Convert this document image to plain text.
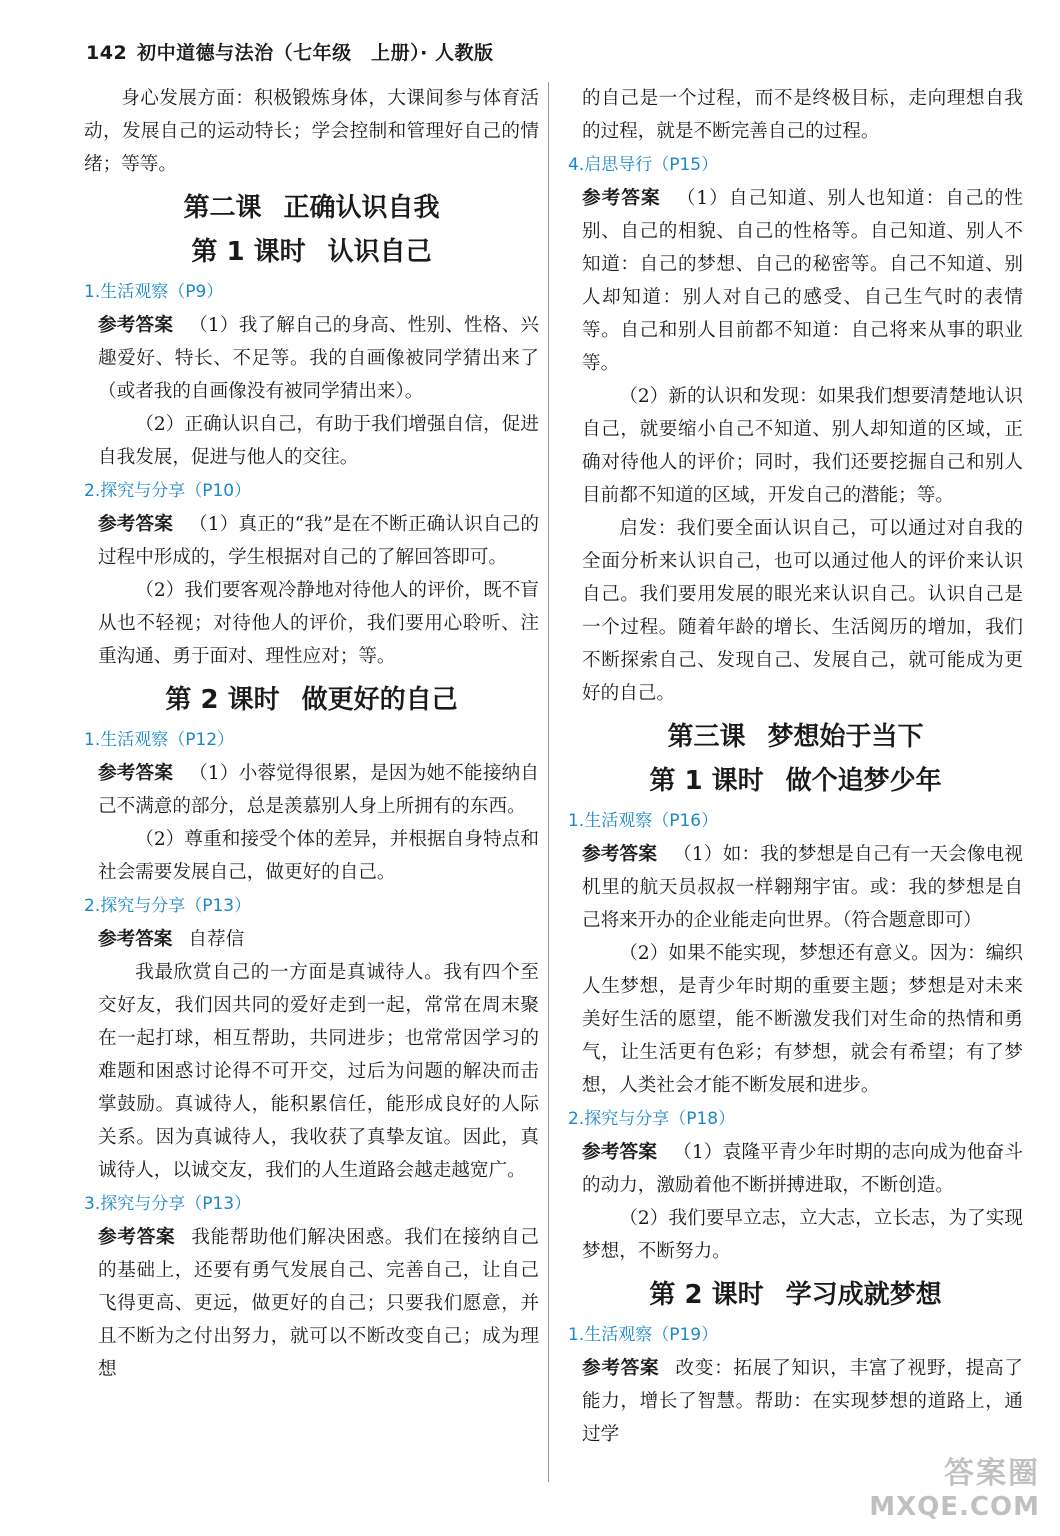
142 初中道德与法治（七年级　上册）· 人教版

身心发展方面：积极锻炼身体，大课间参与体育活动，发展自己的运动特长；学会控制和管理好自己的情绪；等等。

第二课 正确认识自我
第 1 课时 认识自己
1.生活观察（P9）

参考答案 （1）我了解自己的身高、性别、性格、兴趣爱好、特长、不足等。我的自画像被同学猜出来了（或者我的自画像没有被同学猜出来）。

（2）正确认识自己，有助于我们增强自信，促进自我发展，促进与他人的交往。

2.探究与分享（P10）

参考答案 （1）真正的“我”是在不断正确认识自己的过程中形成的，学生根据对自己的了解回答即可。

（2）我们要客观冷静地对待他人的评价，既不盲从也不轻视；对待他人的评价，我们要用心聆听、注重沟通、勇于面对、理性应对；等。

第 2 课时 做更好的自己
1.生活观察（P12）

参考答案 （1）小蓉觉得很累，是因为她不能接纳自己不满意的部分，总是羡慕别人身上所拥有的东西。

（2）尊重和接受个体的差异，并根据自身特点和社会需要发展自己，做更好的自己。

2.探究与分享（P13）

参考答案 自荐信

我最欣赏自己的一方面是真诚待人。我有四个至交好友，我们因共同的爱好走到一起，常常在周末聚在一起打球，相互帮助，共同进步；也常常因学习的难题和困惑讨论得不可开交，过后为问题的解决而击掌鼓励。真诚待人，能积累信任，能形成良好的人际关系。因为真诚待人，我收获了真挚友谊。因此，真诚待人，以诚交友，我们的人生道路会越走越宽广。

3.探究与分享（P13）

参考答案 我能帮助他们解决困惑。我们在接纳自己的基础上，还要有勇气发展自己、完善自己，让自己飞得更高、更远，做更好的自己；只要我们愿意，并且不断为之付出努力，就可以不断改变自己；成为理想

的自己是一个过程，而不是终极目标，走向理想自我的过程，就是不断完善自己的过程。

4.启思导行（P15）

参考答案 （1）自己知道、别人也知道：自己的性别、自己的相貌、自己的性格等。自己知道、别人不知道：自己的梦想、自己的秘密等。自己不知道、别人却知道：别人对自己的感受、自己生气时的表情等。自己和别人目前都不知道：自己将来从事的职业等。

（2）新的认识和发现：如果我们想要清楚地认识自己，就要缩小自己不知道、别人却知道的区域，正确对待他人的评价；同时，我们还要挖掘自己和别人目前都不知道的区域，开发自己的潜能；等。

启发：我们要全面认识自己，可以通过对自我的全面分析来认识自己，也可以通过他人的评价来认识自己。我们要用发展的眼光来认识自己。认识自己是一个过程。随着年龄的增长、生活阅历的增加，我们不断探索自己、发现自己、发展自己，就可能成为更好的自己。

第三课 梦想始于当下
第 1 课时 做个追梦少年
1.生活观察（P16）

参考答案 （1）如：我的梦想是自己有一天会像电视机里的航天员叔叔一样翱翔宇宙。或：我的梦想是自己将来开办的企业能走向世界。（符合题意即可）

（2）如果不能实现，梦想还有意义。因为：编织人生梦想，是青少年时期的重要主题；梦想是对未来美好生活的愿望，能不断激发我们对生命的热情和勇气，让生活更有色彩；有梦想，就会有希望；有了梦想，人类社会才能不断发展和进步。

2.探究与分享（P18）

参考答案 （1）袁隆平青少年时期的志向成为他奋斗的动力，激励着他不断拼搏进取，不断创造。

（2）我们要早立志，立大志，立长志，为了实现梦想，不断努力。

第 2 课时 学习成就梦想
1.生活观察（P19）

参考答案 改变：拓展了知识，丰富了视野，提高了能力，增长了智慧。帮助：在实现梦想的道路上，通过学

答案圈
MXQE.COM
